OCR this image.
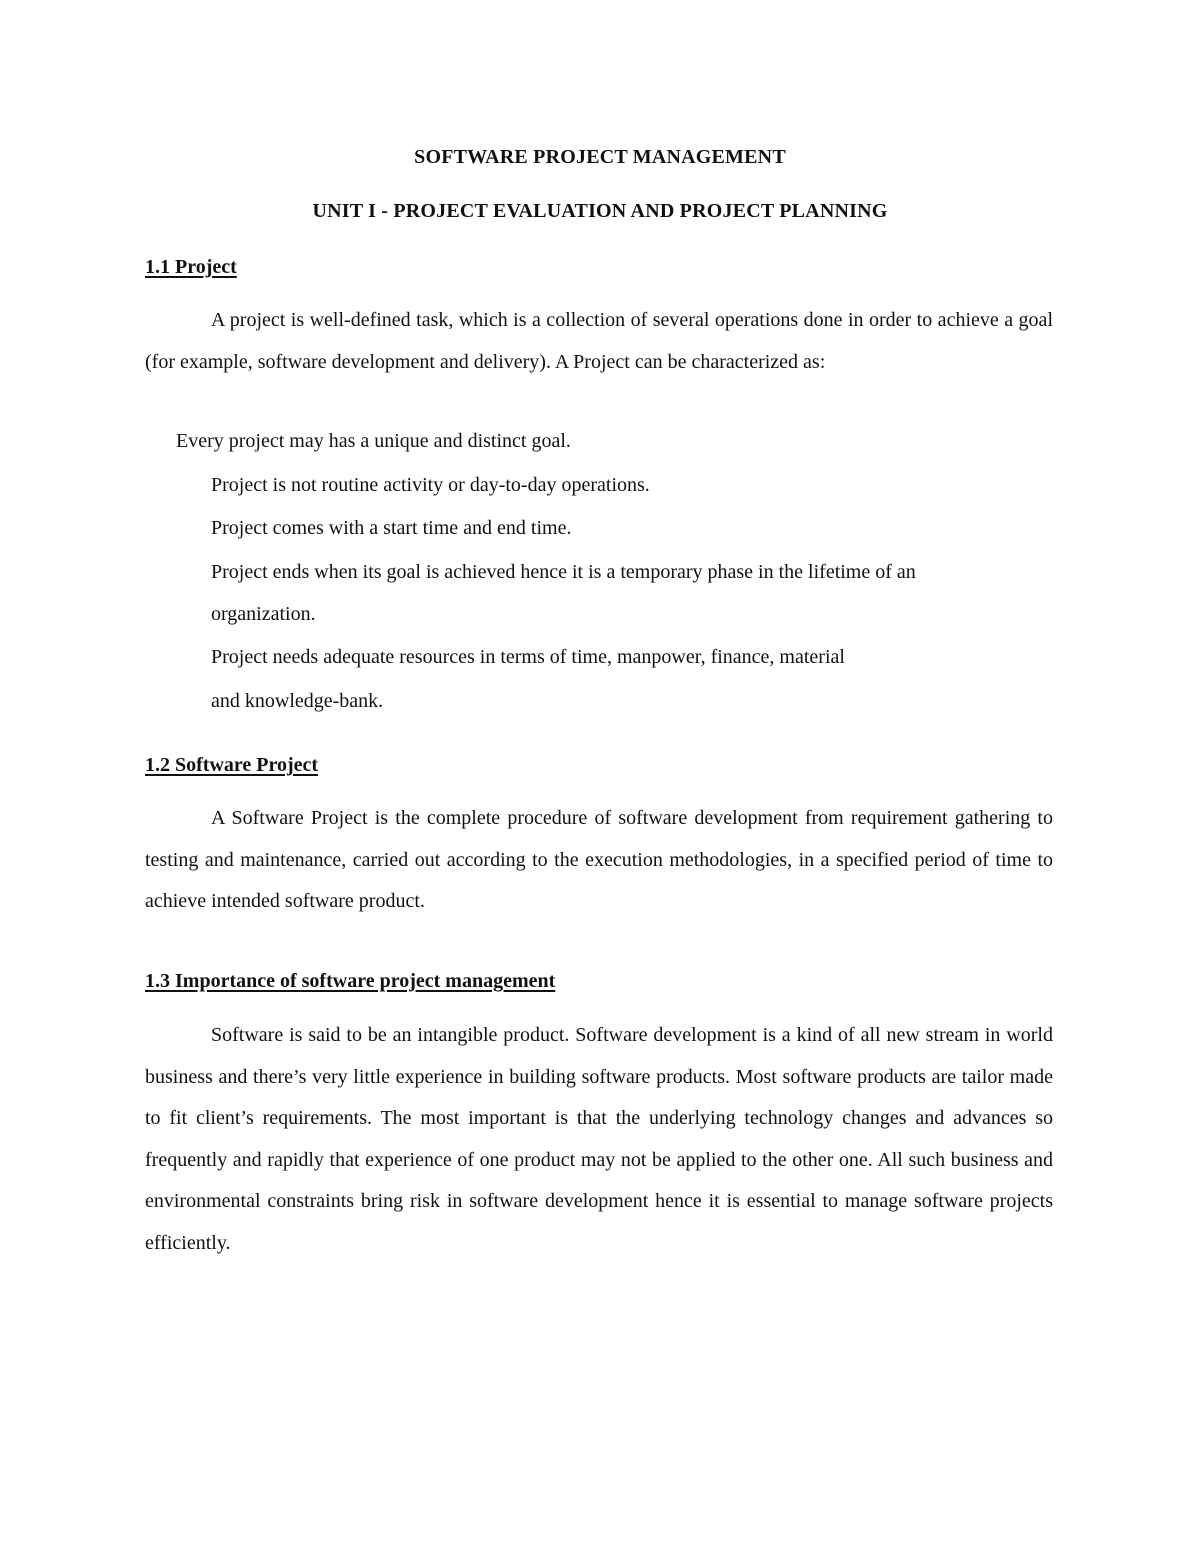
SOFTWARE PROJECT MANAGEMENT
UNIT I - PROJECT EVALUATION AND PROJECT PLANNING
1.1 Project

A project is well-defined task, which is a collection of several operations done in order to achieve a goal (for example, software development and delivery). A Project can be characterized as:

Every project may has a unique and distinct goal.
Project is not routine activity or day-to-day operations.
Project comes with a start time and end time.
Project ends when its goal is achieved hence it is a temporary phase in the lifetime of an
organization.
Project needs adequate resources in terms of time, manpower, finance, material
and knowledge-bank.
1.2 Software Project

A Software Project is the complete procedure of software development from requirement gathering to testing and maintenance, carried out according to the execution methodologies, in a specified period of time to achieve intended software product.

1.3 Importance of software project management

Software is said to be an intangible product. Software development is a kind of all new stream in world business and there’s very little experience in building software products. Most software products are tailor made to fit client’s requirements. The most important is that the underlying technology changes and advances so frequently and rapidly that experience of one product may not be applied to the other one. All such business and environmental constraints bring risk in software development hence it is essential to manage software projects efficiently.
